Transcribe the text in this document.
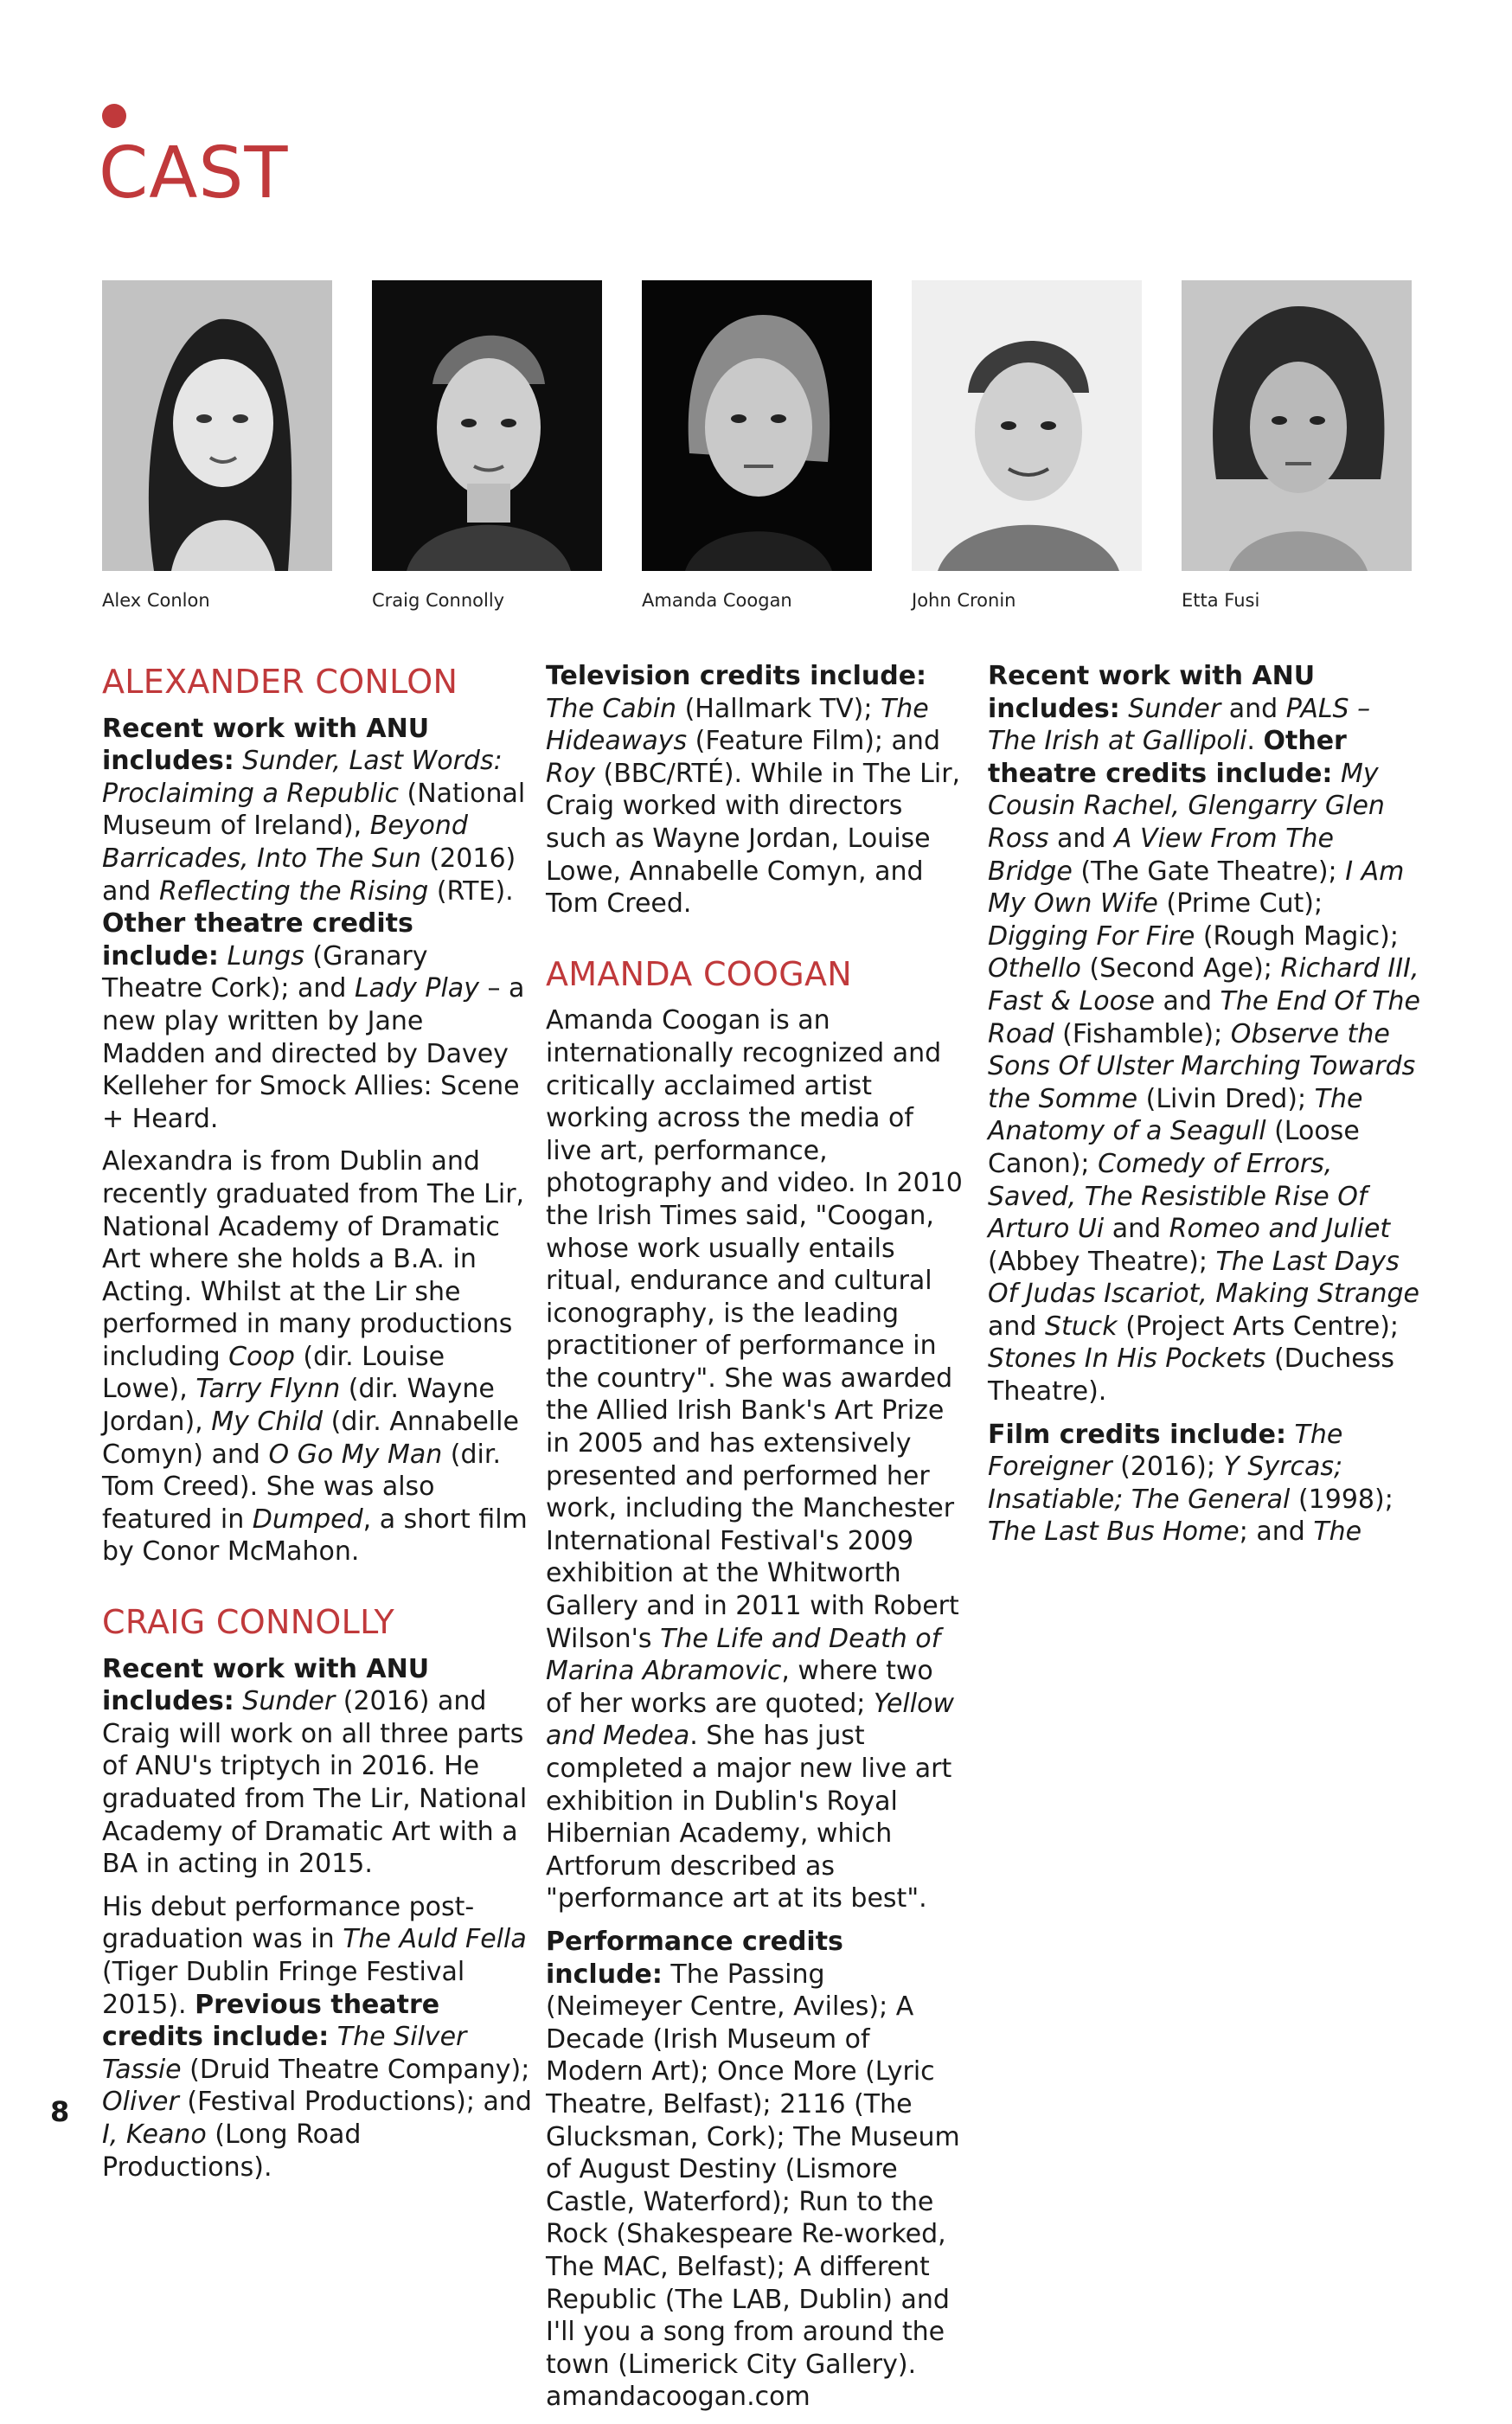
CAST
Alex Conlon	Craig Connolly	Amanda Coogan	John Cronin	Etta Fusi
ALEXANDER CONLON

Recent work with ANU includes: Sunder, Last Words: Proclaiming a Republic (National Museum of Ireland), Beyond Barricades, Into The Sun (2016) and Reflecting the Rising (RTE). Other theatre credits include: Lungs (Granary Theatre Cork); and Lady Play – a new play written by Jane Madden and directed by Davey Kelleher for Smock Allies: Scene + Heard.

Alexandra is from Dublin and recently graduated from The Lir, National Academy of Dramatic Art where she holds a B.A. in Acting. Whilst at the Lir she performed in many productions including Coop (dir. Louise Lowe), Tarry Flynn (dir. Wayne Jordan), My Child (dir. Annabelle Comyn) and O Go My Man (dir. Tom Creed). She was also featured in Dumped, a short film by Conor McMahon.

CRAIG CONNOLLY

Recent work with ANU includes: Sunder (2016) and Craig will work on all three parts of ANU's triptych in 2016. He graduated from The Lir, National Academy of Dramatic Art with a BA in acting in 2015.

His debut performance post-graduation was in The Auld Fella (Tiger Dublin Fringe Festival 2015). Previous theatre credits include: The Silver Tassie (Druid Theatre Company); Oliver (Festival Productions); and I, Keano (Long Road Productions).

Television credits include: The Cabin (Hallmark TV); The Hideaways (Feature Film); and Roy (BBC/RTÉ). While in The Lir, Craig worked with directors such as Wayne Jordan, Louise Lowe, Annabelle Comyn, and Tom Creed.

AMANDA COOGAN

Amanda Coogan is an internationally recognized and critically acclaimed artist working across the media of live art, performance, photography and video. In 2010 the Irish Times said, "Coogan, whose work usually entails ritual, endurance and cultural iconography, is the leading practitioner of performance in the country". She was awarded the Allied Irish Bank's Art Prize in 2005 and has extensively presented and performed her work, including the Manchester International Festival's 2009 exhibition at the Whitworth Gallery and in 2011 with Robert Wilson's The Life and Death of Marina Abramovic, where two of her works are quoted; Yellow and Medea. She has just completed a major new live art exhibition in Dublin's Royal Hibernian Academy, which Artforum described as "performance art at its best".

Performance credits include: The Passing (Neimeyer Centre, Aviles); A Decade (Irish Museum of Modern Art); Once More (Lyric Theatre, Belfast); 2116 (The Glucksman, Cork); The Museum of August Destiny (Lismore Castle, Waterford); Run to the Rock (Shakespeare Re-worked, The MAC, Belfast); A different Republic (The LAB, Dublin) and I'll you a song from around the town (Limerick City Gallery). amandacoogan.com

Recent work with ANU includes: Sunder and PALS – The Irish at Gallipoli. Other theatre credits include: My Cousin Rachel, Glengarry Glen Ross and A View From The Bridge (The Gate Theatre); I Am My Own Wife (Prime Cut); Digging For Fire (Rough Magic); Othello (Second Age); Richard III, Fast & Loose and The End Of The Road (Fishamble); Observe the Sons Of Ulster Marching Towards the Somme (Livin Dred); The Anatomy of a Seagull (Loose Canon); Comedy of Errors, Saved, The Resistible Rise Of Arturo Ui and Romeo and Juliet (Abbey Theatre); The Last Days Of Judas Iscariot, Making Strange and Stuck (Project Arts Centre); Stones In His Pockets (Duchess Theatre).

Film credits include: The Foreigner (2016); Y Syrcas; Insatiable; The General (1998); The Last Bus Home; and The

8
